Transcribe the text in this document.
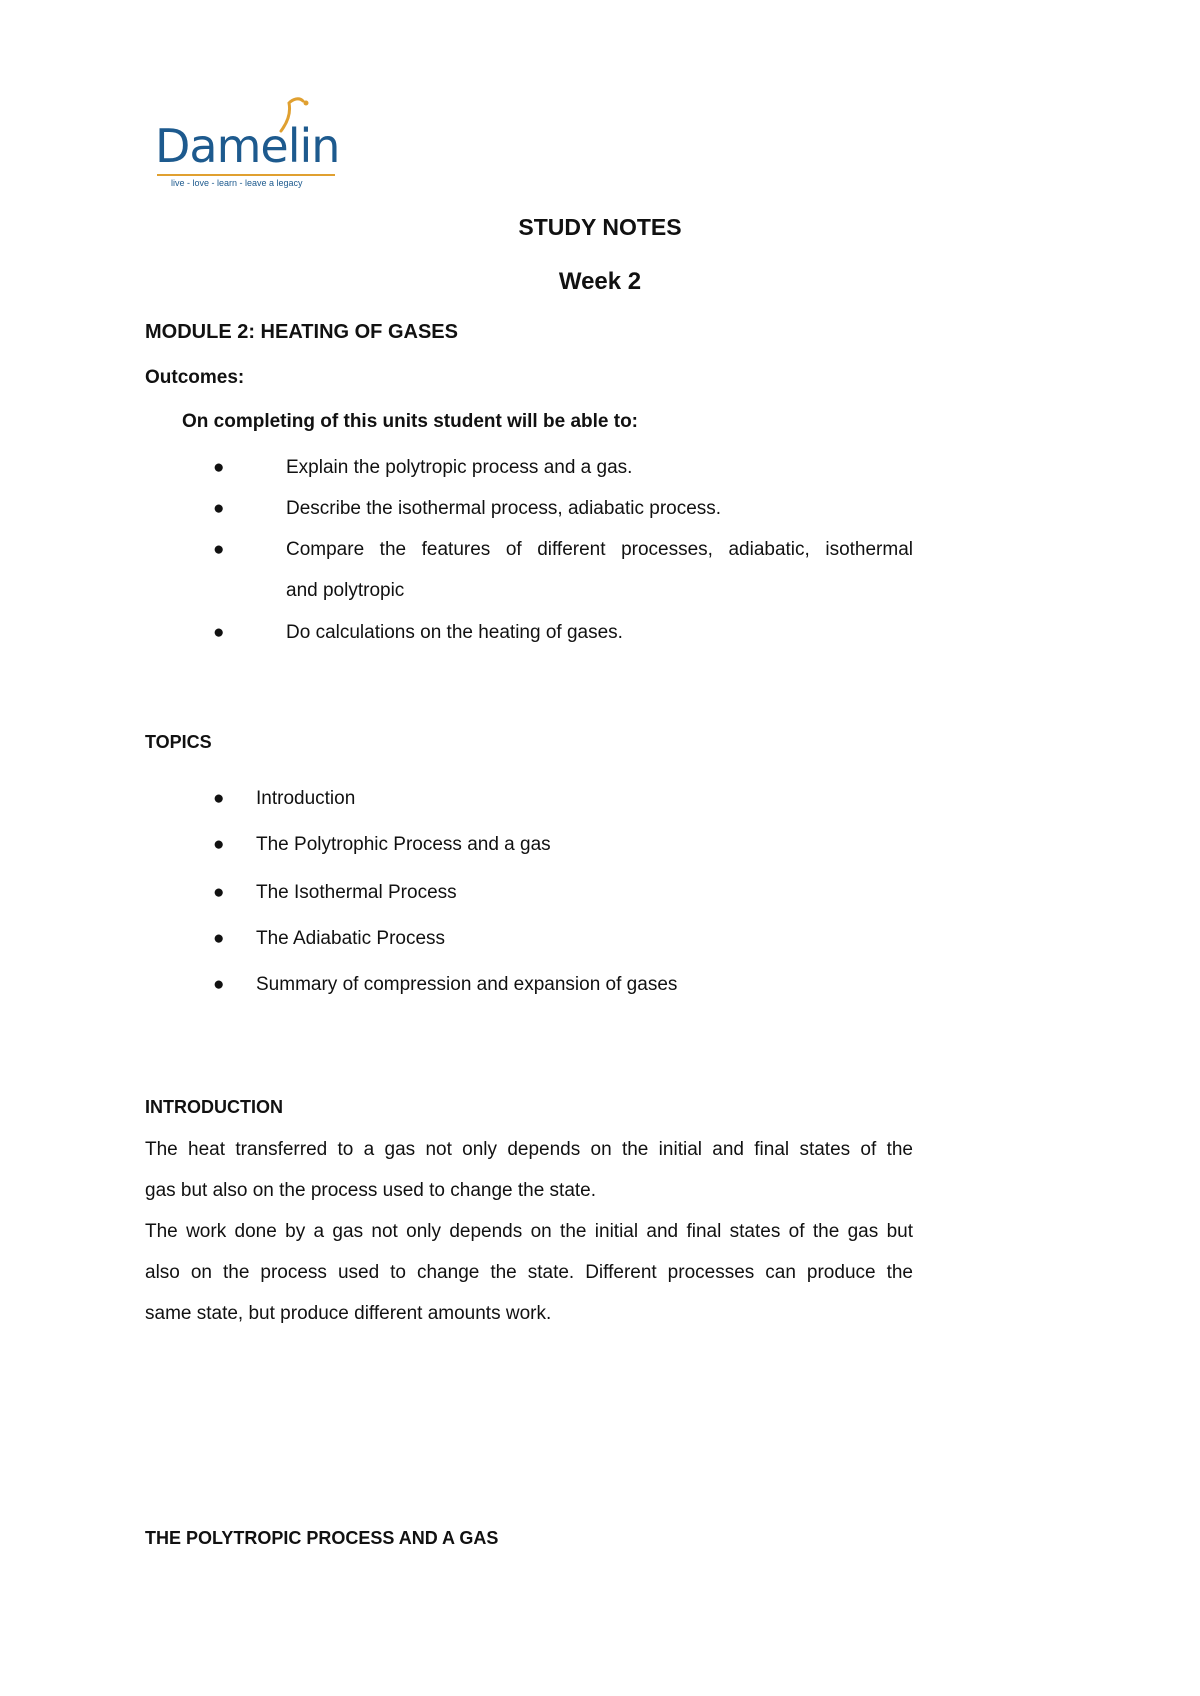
Damelin
live - love - learn - leave a legacy
STUDY NOTES
Week 2
MODULE 2: HEATING OF GASES
Outcomes:
On completing of this units student will be able to:
●	Explain the polytropic process and a gas.
●	Describe the isothermal process, adiabatic process.
●	Compare the features of different processes, adiabatic, isothermal
and polytropic
●	Do calculations on the heating of gases.
TOPICS
● Introduction
● The Polytrophic Process and a gas
● The Isothermal Process
● The Adiabatic Process
● Summary of compression and expansion of gases
INTRODUCTION
The heat transferred to a gas not only depends on the initial and final states of the
gas but also on the process used to change the state.
The work done by a gas not only depends on the initial and final states of the gas but
also on the process used to change the state. Different processes can produce the
same state, but produce different amounts work.
THE POLYTROPIC PROCESS AND A GAS
